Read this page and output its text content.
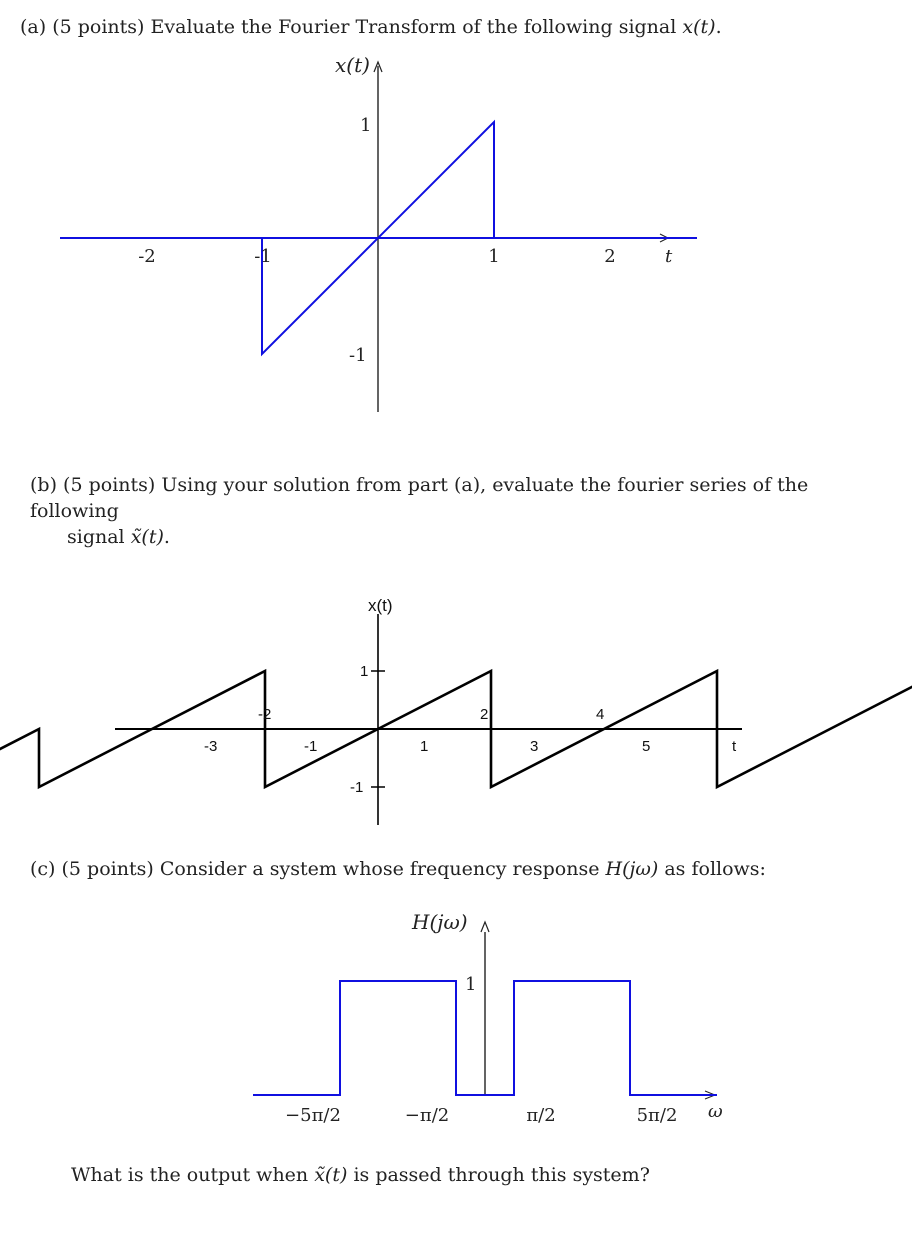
(a) (5 points) Evaluate the Fourier Transform of the following signal x(t).

x(t)
t
-2	-1	1	2
1
-1

(b) (5 points) Using your solution from part (a), evaluate the fourier series of the following
signal x̃(t).

x(t)
t
-3
-2
-1	1
2
3
4
5
1
-1

(c) (5 points) Consider a system whose frequency response H(jω) as follows:

H(jω)
ω
−5π/2	−π/2	π/2	5π/2
1

What is the output when x̃(t) is passed through this system?
